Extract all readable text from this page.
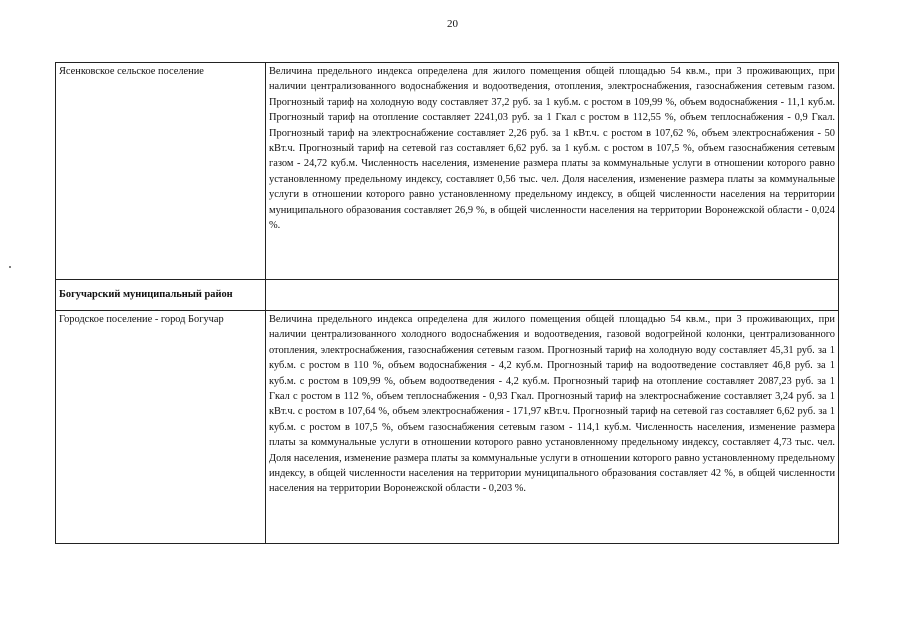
20
Ясенковское сельское поселение	Величина предельного индекса определена для жилого помещения общей площадью 54 кв.м., при 3 проживающих, при наличии централизованного водоснабжения и водоотведения, отопления, электроснабжения, газоснабжения сетевым газом. Прогнозный тариф на холодную воду составляет 37,2 руб. за 1 куб.м. с ростом в 109,99 %, объем водоснабжения - 11,1 куб.м. Прогнозный тариф на отопление составляет 2241,03 руб. за 1 Гкал с ростом в 112,55 %, объем теплоснабжения - 0,9 Гкал. Прогнозный тариф на электроснабжение составляет 2,26 руб. за 1 кВт.ч. с ростом в 107,62 %, объем электроснабжения - 50 кВт.ч. Прогнозный тариф на сетевой газ составляет 6,62 руб. за 1 куб.м. с ростом в 107,5 %, объем газоснабжения сетевым газом - 24,72 куб.м. Численность населения, изменение размера платы за коммунальные услуги в отношении которого равно установленному предельному индексу, составляет 0,56 тыс. чел. Доля населения, изменение размера платы за коммунальные услуги в отношении которого равно установленному предельному индексу, в общей численности населения на территории муниципального образования составляет 26,9 %, в общей численности населения на территории Воронежской области - 0,024 %.
Богучарский муниципальный район	
Городское поселение - город Богучар	Величина предельного индекса определена для жилого помещения общей площадью 54 кв.м., при 3 проживающих, при наличии централизованного холодного водоснабжения и водоотведения, газовой водогрейной колонки, централизованного отопления, электроснабжения, газоснабжения сетевым газом. Прогнозный тариф на холодную воду составляет 45,31 руб. за 1 куб.м. с ростом в 110 %, объем водоснабжения - 4,2 куб.м. Прогнозный тариф на водоотведение составляет 46,8 руб. за 1 куб.м. с ростом в 109,99 %, объем водоотведения - 4,2 куб.м. Прогнозный тариф на отопление составляет 2087,23 руб. за 1 Гкал с ростом в 112 %, объем теплоснабжения - 0,93 Гкал. Прогнозный тариф на электроснабжение составляет 3,24 руб. за 1 кВт.ч. с ростом в 107,64 %, объем электроснабжения - 171,97 кВт.ч. Прогнозный тариф на сетевой газ составляет 6,62 руб. за 1 куб.м. с ростом в 107,5 %, объем газоснабжения сетевым газом - 114,1 куб.м. Численность населения, изменение размера платы за коммунальные услуги в отношении которого равно установленному предельному индексу, составляет 4,73 тыс. чел. Доля населения, изменение размера платы за коммунальные услуги в отношении которого равно установленному предельному индексу, в общей численности населения на территории муниципального образования составляет 42 %, в общей численности населения на территории Воронежской области - 0,203 %.
